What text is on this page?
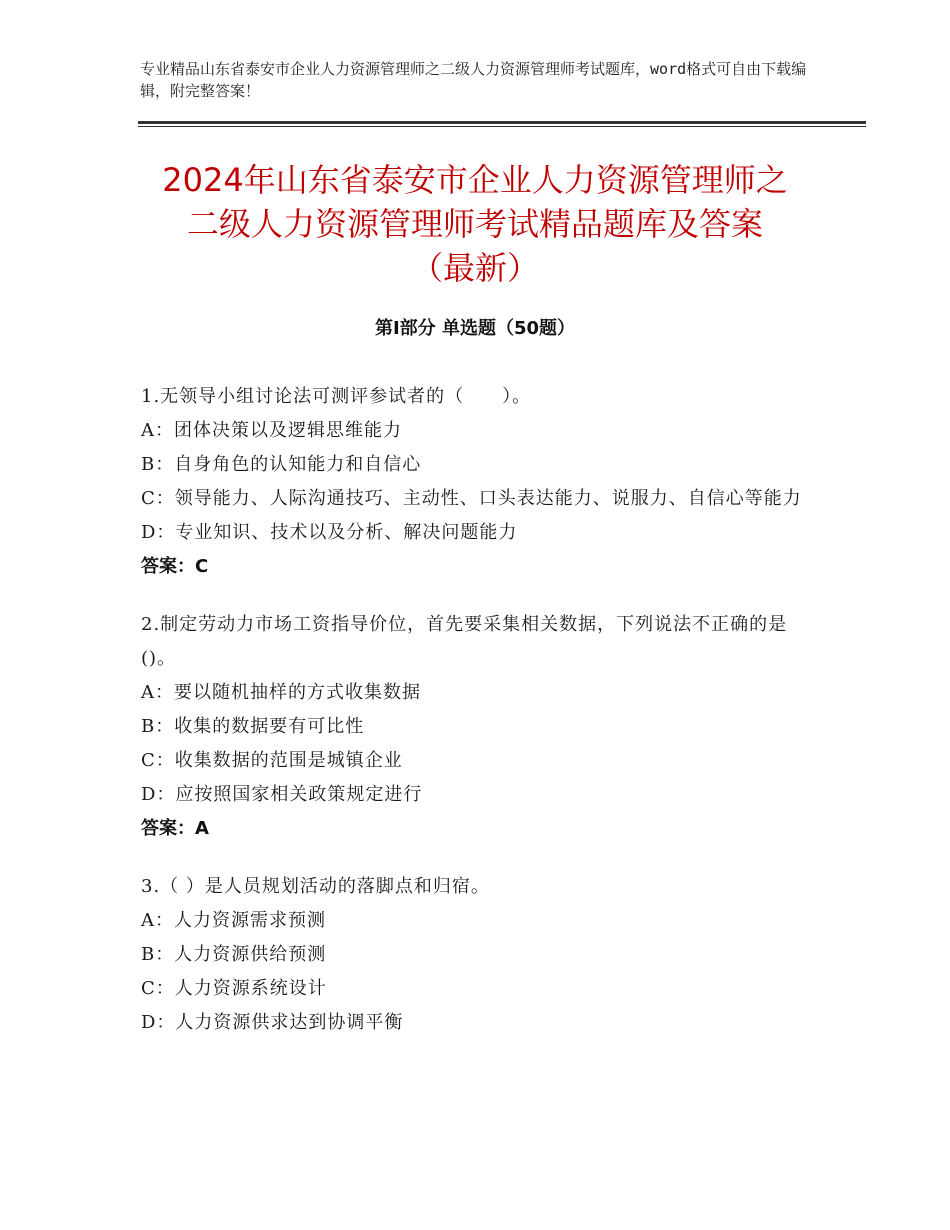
专业精品山东省泰安市企业人力资源管理师之二级人力资源管理师考试题库，word格式可自由下载编辑，附完整答案！
2024年山东省泰安市企业人力资源管理师之
二级人力资源管理师考试精品题库及答案
（最新）
第Ⅰ部分 单选题（50题）
1.无领导小组讨论法可测评参试者的（　　）。
A：团体决策以及逻辑思维能力
B：自身角色的认知能力和自信心
C：领导能力、人际沟通技巧、主动性、口头表达能力、说服力、自信心等能力
D：专业知识、技术以及分析、解决问题能力
答案：C
2.制定劳动力市场工资指导价位，首先要采集相关数据，下列说法不正确的是()。
A：要以随机抽样的方式收集数据
B：收集的数据要有可比性
C：收集数据的范围是城镇企业
D：应按照国家相关政策规定进行
答案：A
3.（ ）是人员规划活动的落脚点和归宿。
A：人力资源需求预测
B：人力资源供给预测
C：人力资源系统设计
D：人力资源供求达到协调平衡
